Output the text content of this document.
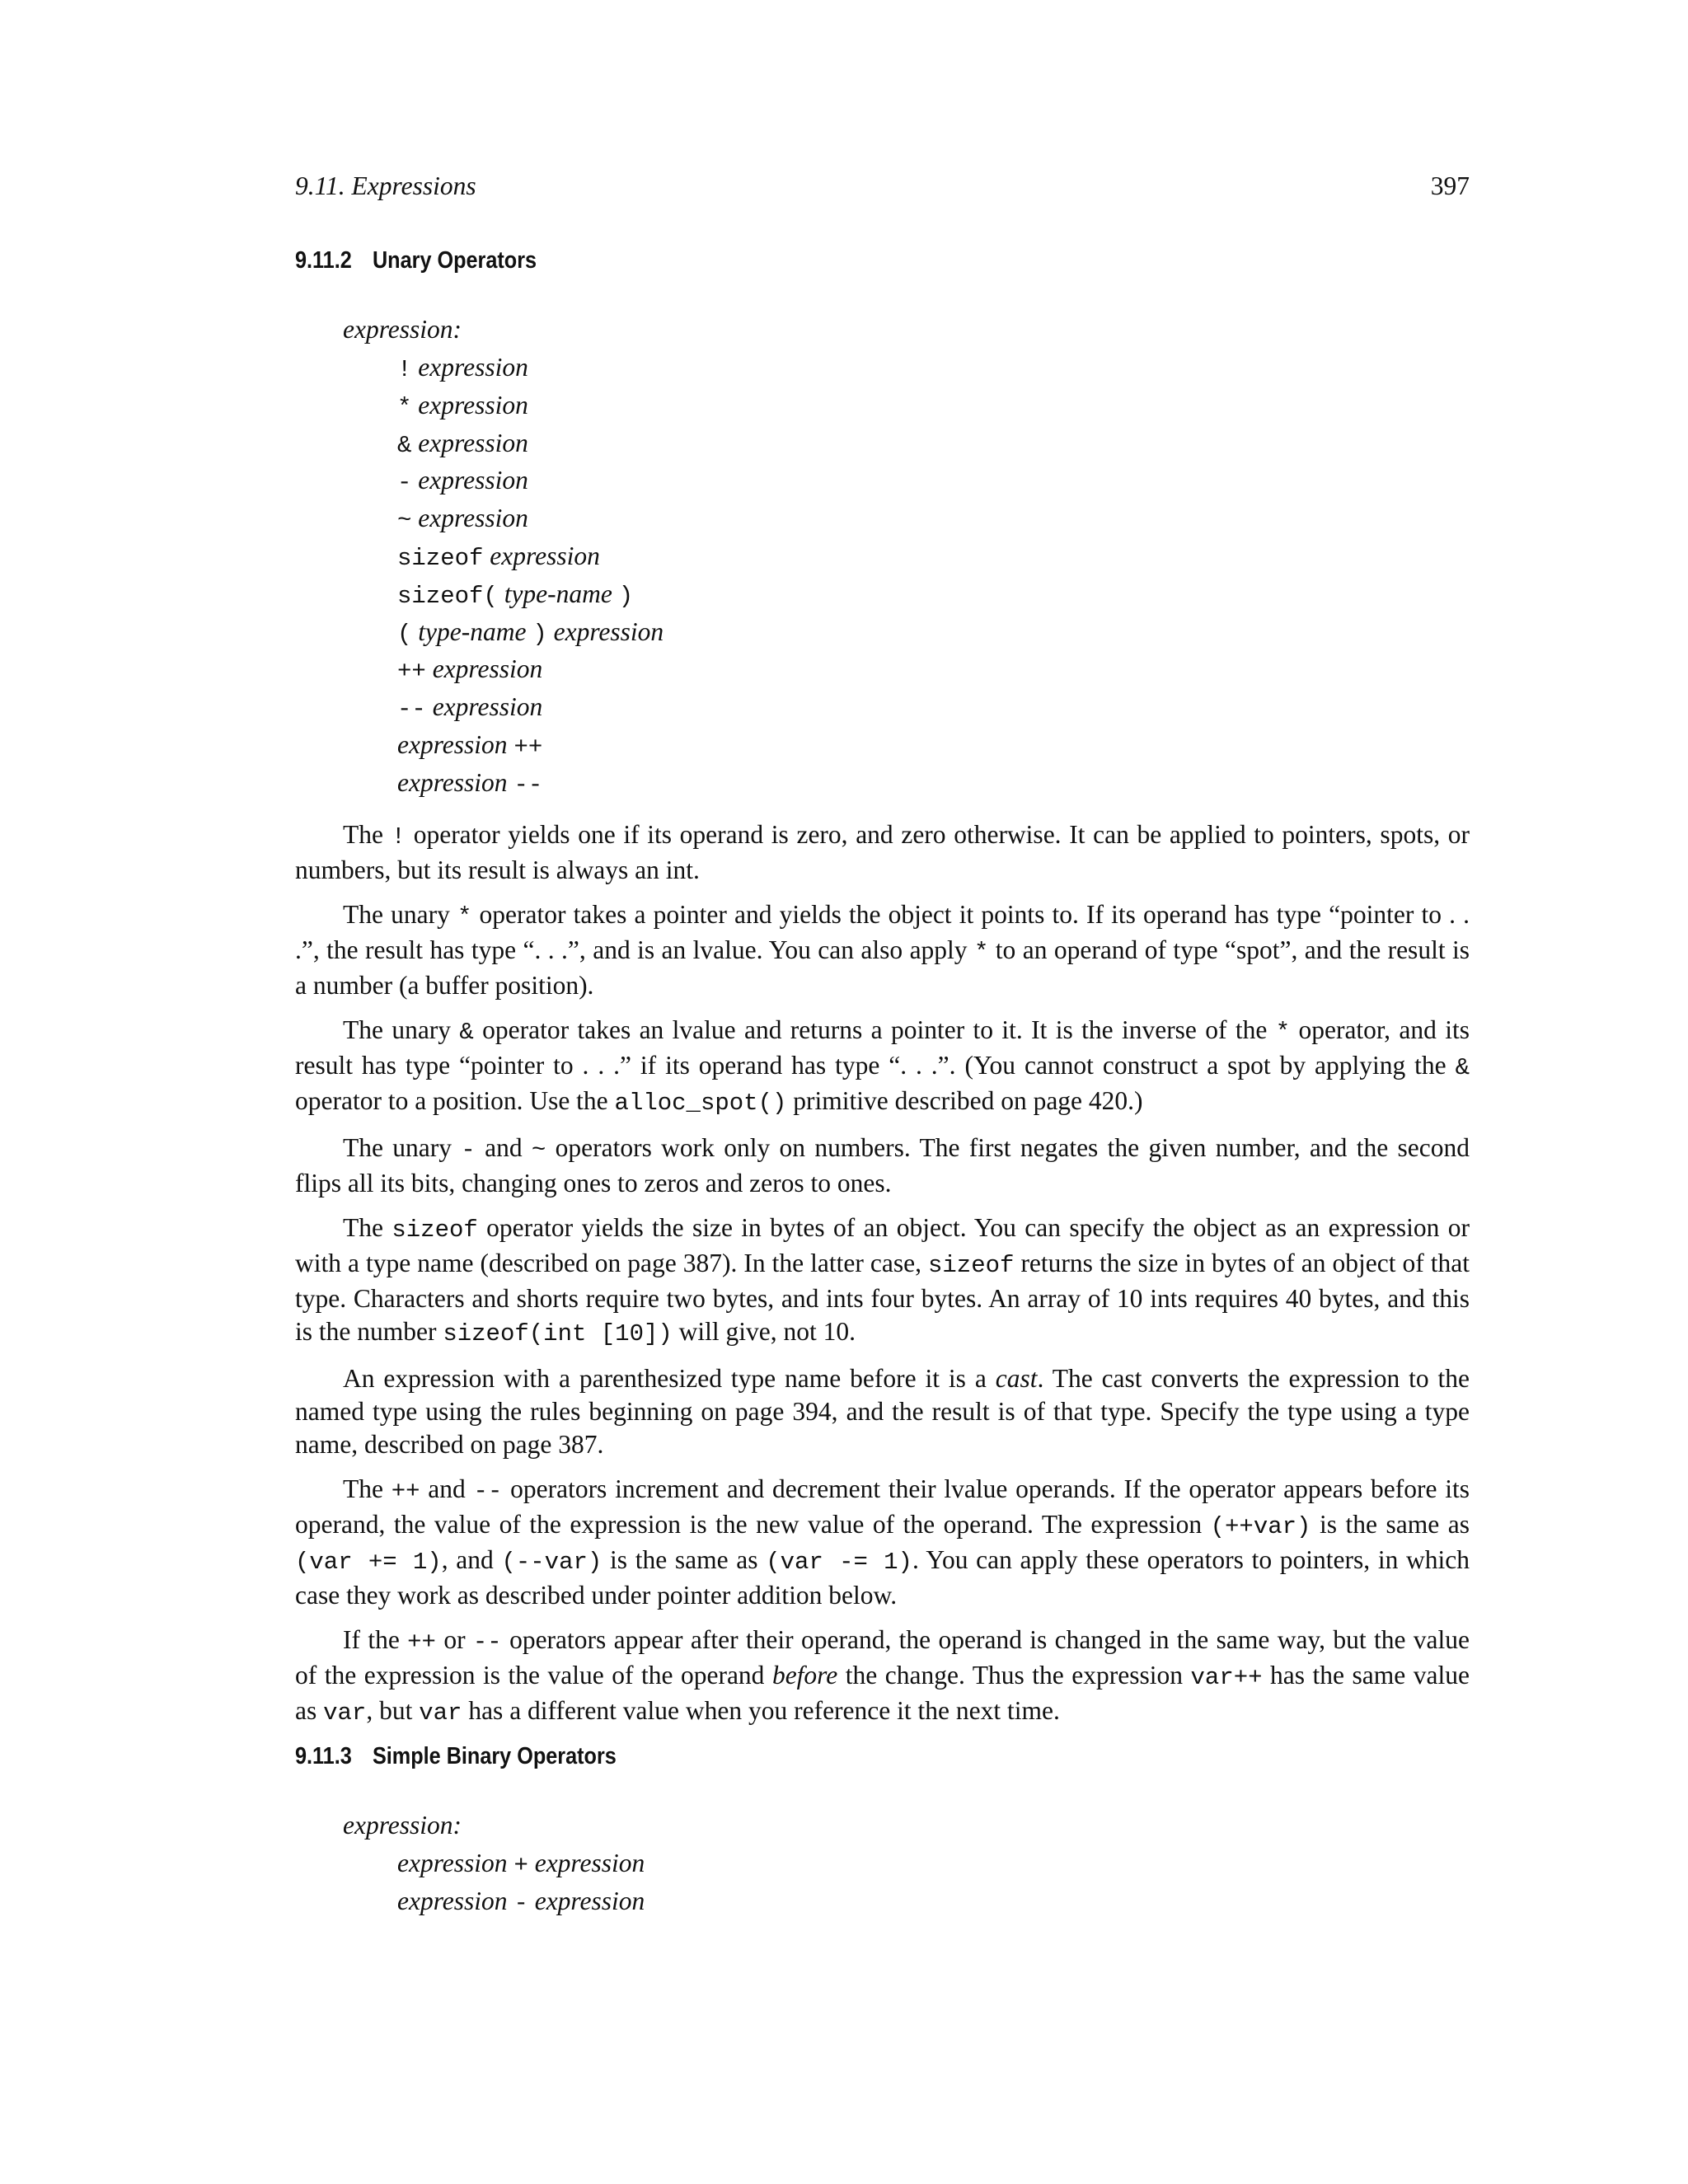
9.11. Expressions	397
9.11.2 Unary Operators
expression:
! expression
* expression
& expression
- expression
~ expression
sizeof expression
sizeof( type-name )
( type-name ) expression
++ expression
-- expression
expression ++
expression --

The ! operator yields one if its operand is zero, and zero otherwise. It can be applied to pointers, spots, or numbers, but its result is always an int.

The unary * operator takes a pointer and yields the object it points to. If its operand has type “pointer to . . .”, the result has type “. . .”, and is an lvalue. You can also apply * to an operand of type “spot”, and the result is a number (a buffer position).

The unary & operator takes an lvalue and returns a pointer to it. It is the inverse of the * operator, and its result has type “pointer to . . .” if its operand has type “. . .”. (You cannot construct a spot by applying the & operator to a position. Use the alloc_spot() primitive described on page 420.)

The unary - and ~ operators work only on numbers. The first negates the given number, and the second flips all its bits, changing ones to zeros and zeros to ones.

The sizeof operator yields the size in bytes of an object. You can specify the object as an expression or with a type name (described on page 387). In the latter case, sizeof returns the size in bytes of an object of that type. Characters and shorts require two bytes, and ints four bytes. An array of 10 ints requires 40 bytes, and this is the number sizeof(int [10]) will give, not 10.

An expression with a parenthesized type name before it is a cast. The cast converts the expression to the named type using the rules beginning on page 394, and the result is of that type. Specify the type using a type name, described on page 387.

The ++ and -- operators increment and decrement their lvalue operands. If the operator appears before its operand, the value of the expression is the new value of the operand. The expression (++var) is the same as (var += 1), and (--var) is the same as (var -= 1). You can apply these operators to pointers, in which case they work as described under pointer addition below.

If the ++ or -- operators appear after their operand, the operand is changed in the same way, but the value of the expression is the value of the operand before the change. Thus the expression var++ has the same value as var, but var has a different value when you reference it the next time.

9.11.3 Simple Binary Operators
expression:
expression + expression
expression - expression
